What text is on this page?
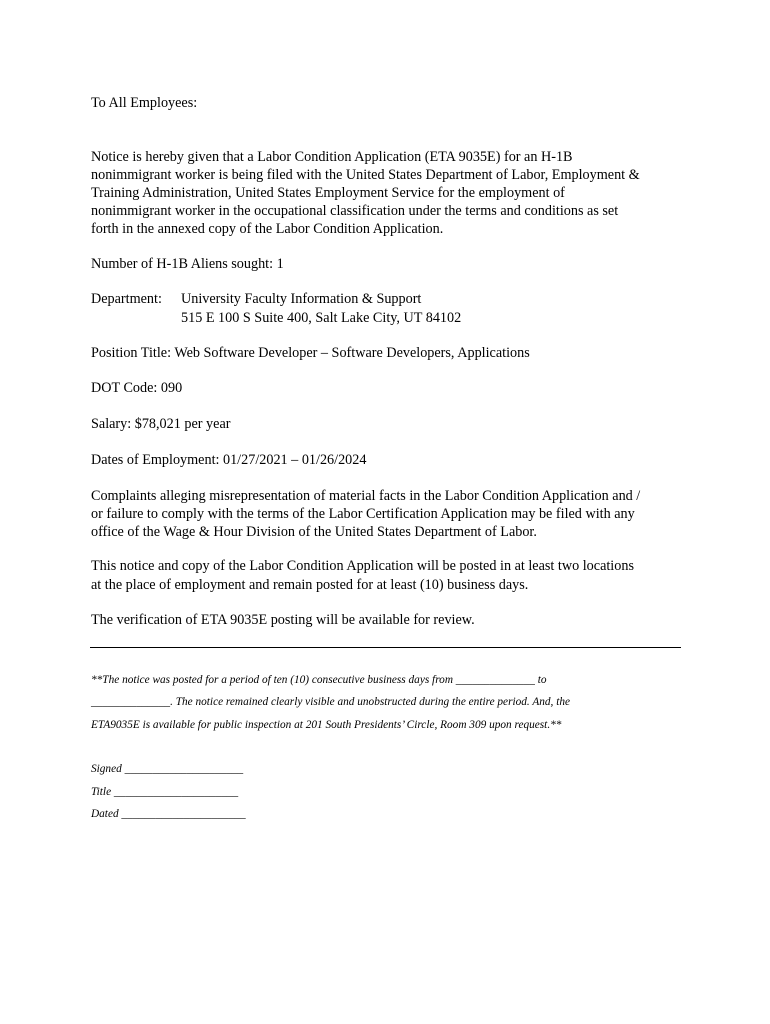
To All Employees:

Notice is hereby given that a Labor Condition Application (ETA 9035E) for an H-1B

nonimmigrant worker is being filed with the United States Department of Labor, Employment &

Training Administration, United States Employment Service for the employment of

nonimmigrant worker in the occupational classification under the terms and conditions as set

forth in the annexed copy of the Labor Condition Application.

Number of H-1B Aliens sought: 1

Department: University Faculty Information & Support
515 E 100 S Suite 400, Salt Lake City, UT 84102

Position Title: Web Software Developer – Software Developers, Applications

DOT Code: 090

Salary: $78,021 per year

Dates of Employment: 01/27/2021 – 01/26/2024

Complaints alleging misrepresentation of material facts in the Labor Condition Application and /

or failure to comply with the terms of the Labor Certification Application may be filed with any

office of the Wage & Hour Division of the United States Department of Labor.

This notice and copy of the Labor Condition Application will be posted in at least two locations

at the place of employment and remain posted for at least (10) business days.

The verification of ETA 9035E posting will be available for review.

**The notice was posted for a period of ten (10) consecutive business days from ______________ to
______________. The notice remained clearly visible and unobstructed during the entire period. And, the
ETA9035E is available for public inspection at 201 South Presidents’ Circle, Room 309 upon request.**
Signed _____________________
Title ______________________
Dated ______________________
